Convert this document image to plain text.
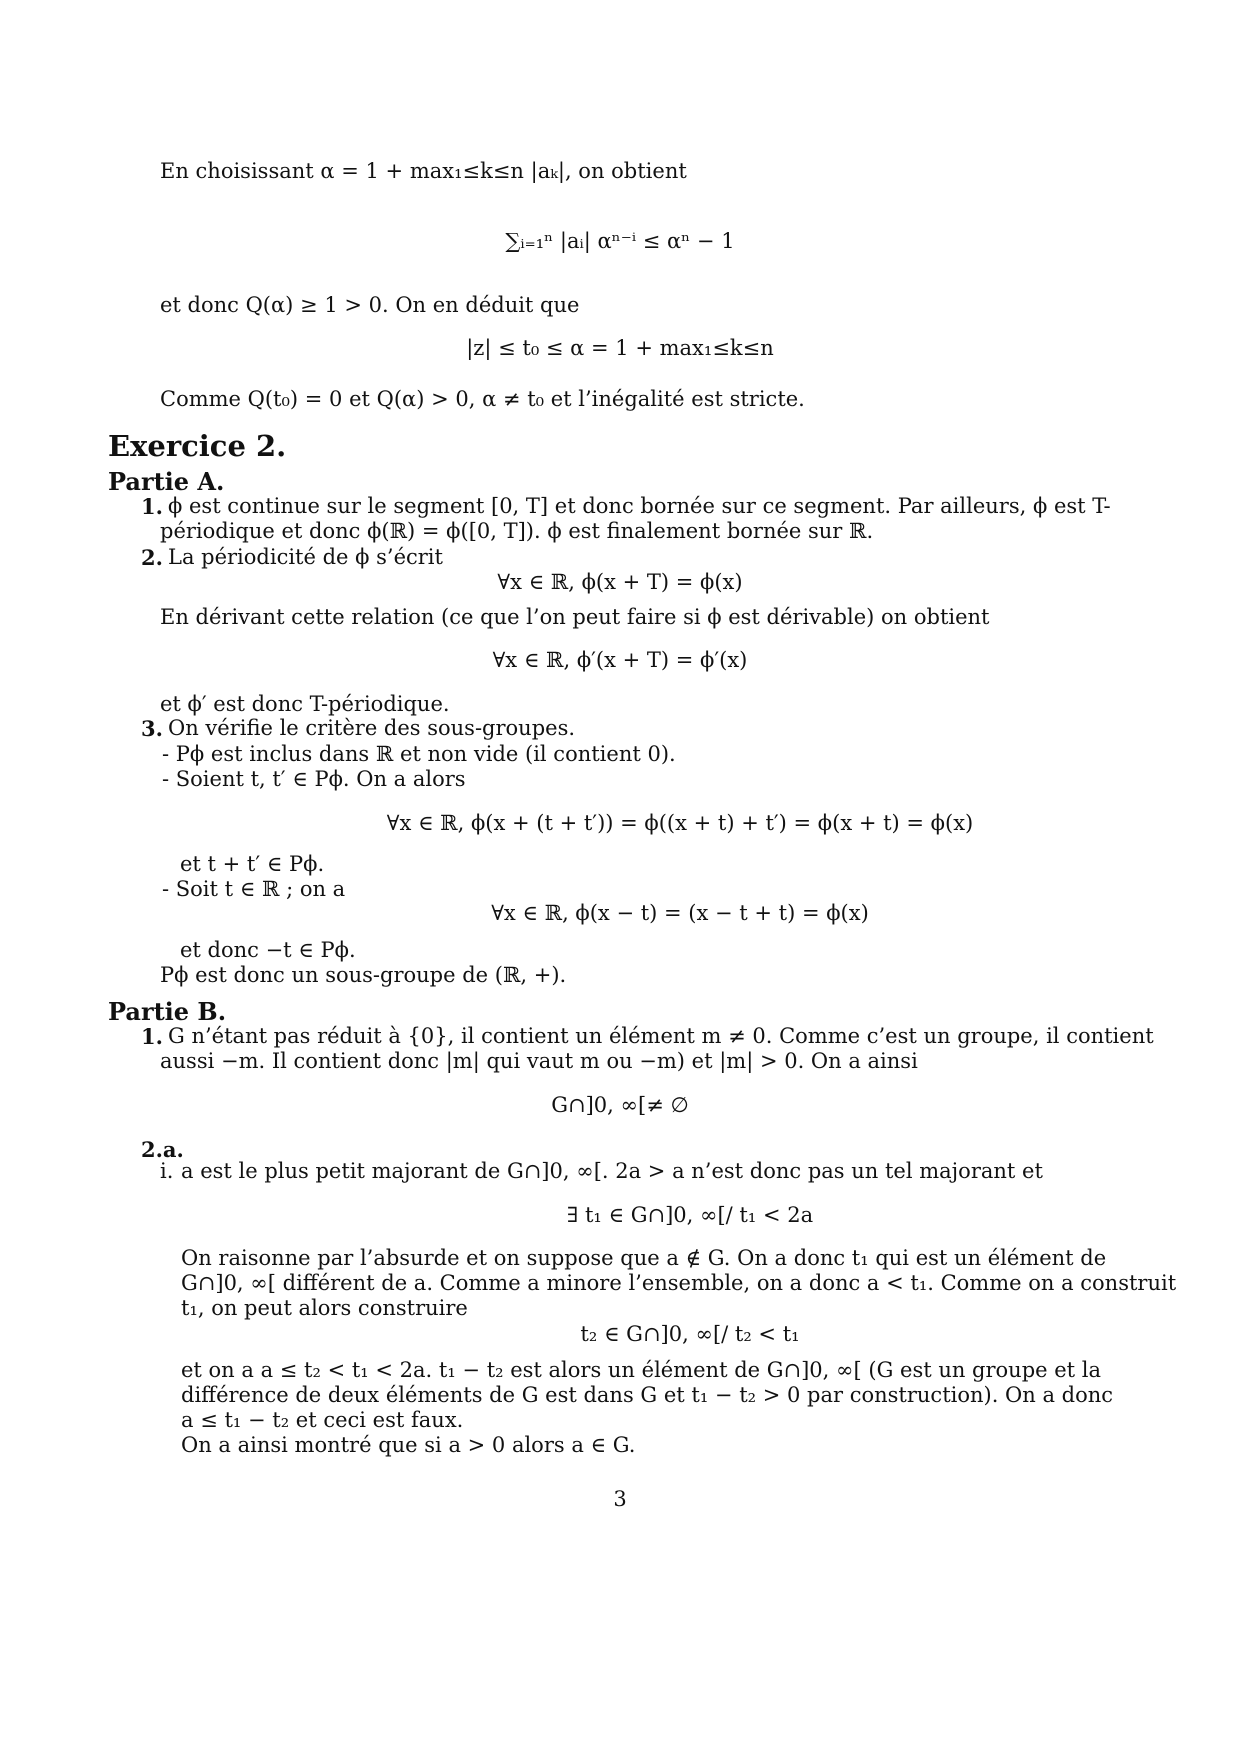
En choisissant α = 1 + max₁≤k≤n |aₖ|, on obtient
∑ᵢ₌₁ⁿ |aᵢ| αⁿ⁻ⁱ ≤ αⁿ − 1
et donc Q(α) ≥ 1 > 0. On en déduit que
|z| ≤ t₀ ≤ α = 1 + max₁≤k≤n
Comme Q(t₀) = 0 et Q(α) > 0, α ≠ t₀ et l’inégalité est stricte.
Exercice 2.
Partie A.
1. ϕ est continue sur le segment [0, T] et donc bornée sur ce segment. Par ailleurs, ϕ est T-
périodique et donc ϕ(ℝ) = ϕ([0, T]). ϕ est finalement bornée sur ℝ.
2. La périodicité de ϕ s’écrit
∀x ∈ ℝ, ϕ(x + T) = ϕ(x)
En dérivant cette relation (ce que l’on peut faire si ϕ est dérivable) on obtient
∀x ∈ ℝ, ϕ′(x + T) = ϕ′(x)
et ϕ′ est donc T-périodique.
3. On vérifie le critère des sous-groupes.
- Pϕ est inclus dans ℝ et non vide (il contient 0).
- Soient t, t′ ∈ Pϕ. On a alors
∀x ∈ ℝ, ϕ(x + (t + t′)) = ϕ((x + t) + t′) = ϕ(x + t) = ϕ(x)
et t + t′ ∈ Pϕ.
- Soit t ∈ ℝ ; on a
∀x ∈ ℝ, ϕ(x − t) = (x − t + t) = ϕ(x)
et donc −t ∈ Pϕ.
Pϕ est donc un sous-groupe de (ℝ, +).
Partie B.
1. G n’étant pas réduit à {0}, il contient un élément m ≠ 0. Comme c’est un groupe, il contient
aussi −m. Il contient donc |m| qui vaut m ou −m) et |m| > 0. On a ainsi
G∩]0, ∞[≠ ∅
2.a.
i. a est le plus petit majorant de G∩]0, ∞[. 2a > a n’est donc pas un tel majorant et
∃ t₁ ∈ G∩]0, ∞[/ t₁ < 2a
On raisonne par l’absurde et on suppose que a ∉ G. On a donc t₁ qui est un élément de
G∩]0, ∞[ différent de a. Comme a minore l’ensemble, on a donc a < t₁. Comme on a construit
t₁, on peut alors construire
t₂ ∈ G∩]0, ∞[/ t₂ < t₁
et on a a ≤ t₂ < t₁ < 2a. t₁ − t₂ est alors un élément de G∩]0, ∞[ (G est un groupe et la
différence de deux éléments de G est dans G et t₁ − t₂ > 0 par construction). On a donc
a ≤ t₁ − t₂ et ceci est faux.
On a ainsi montré que si a > 0 alors a ∈ G.
3
